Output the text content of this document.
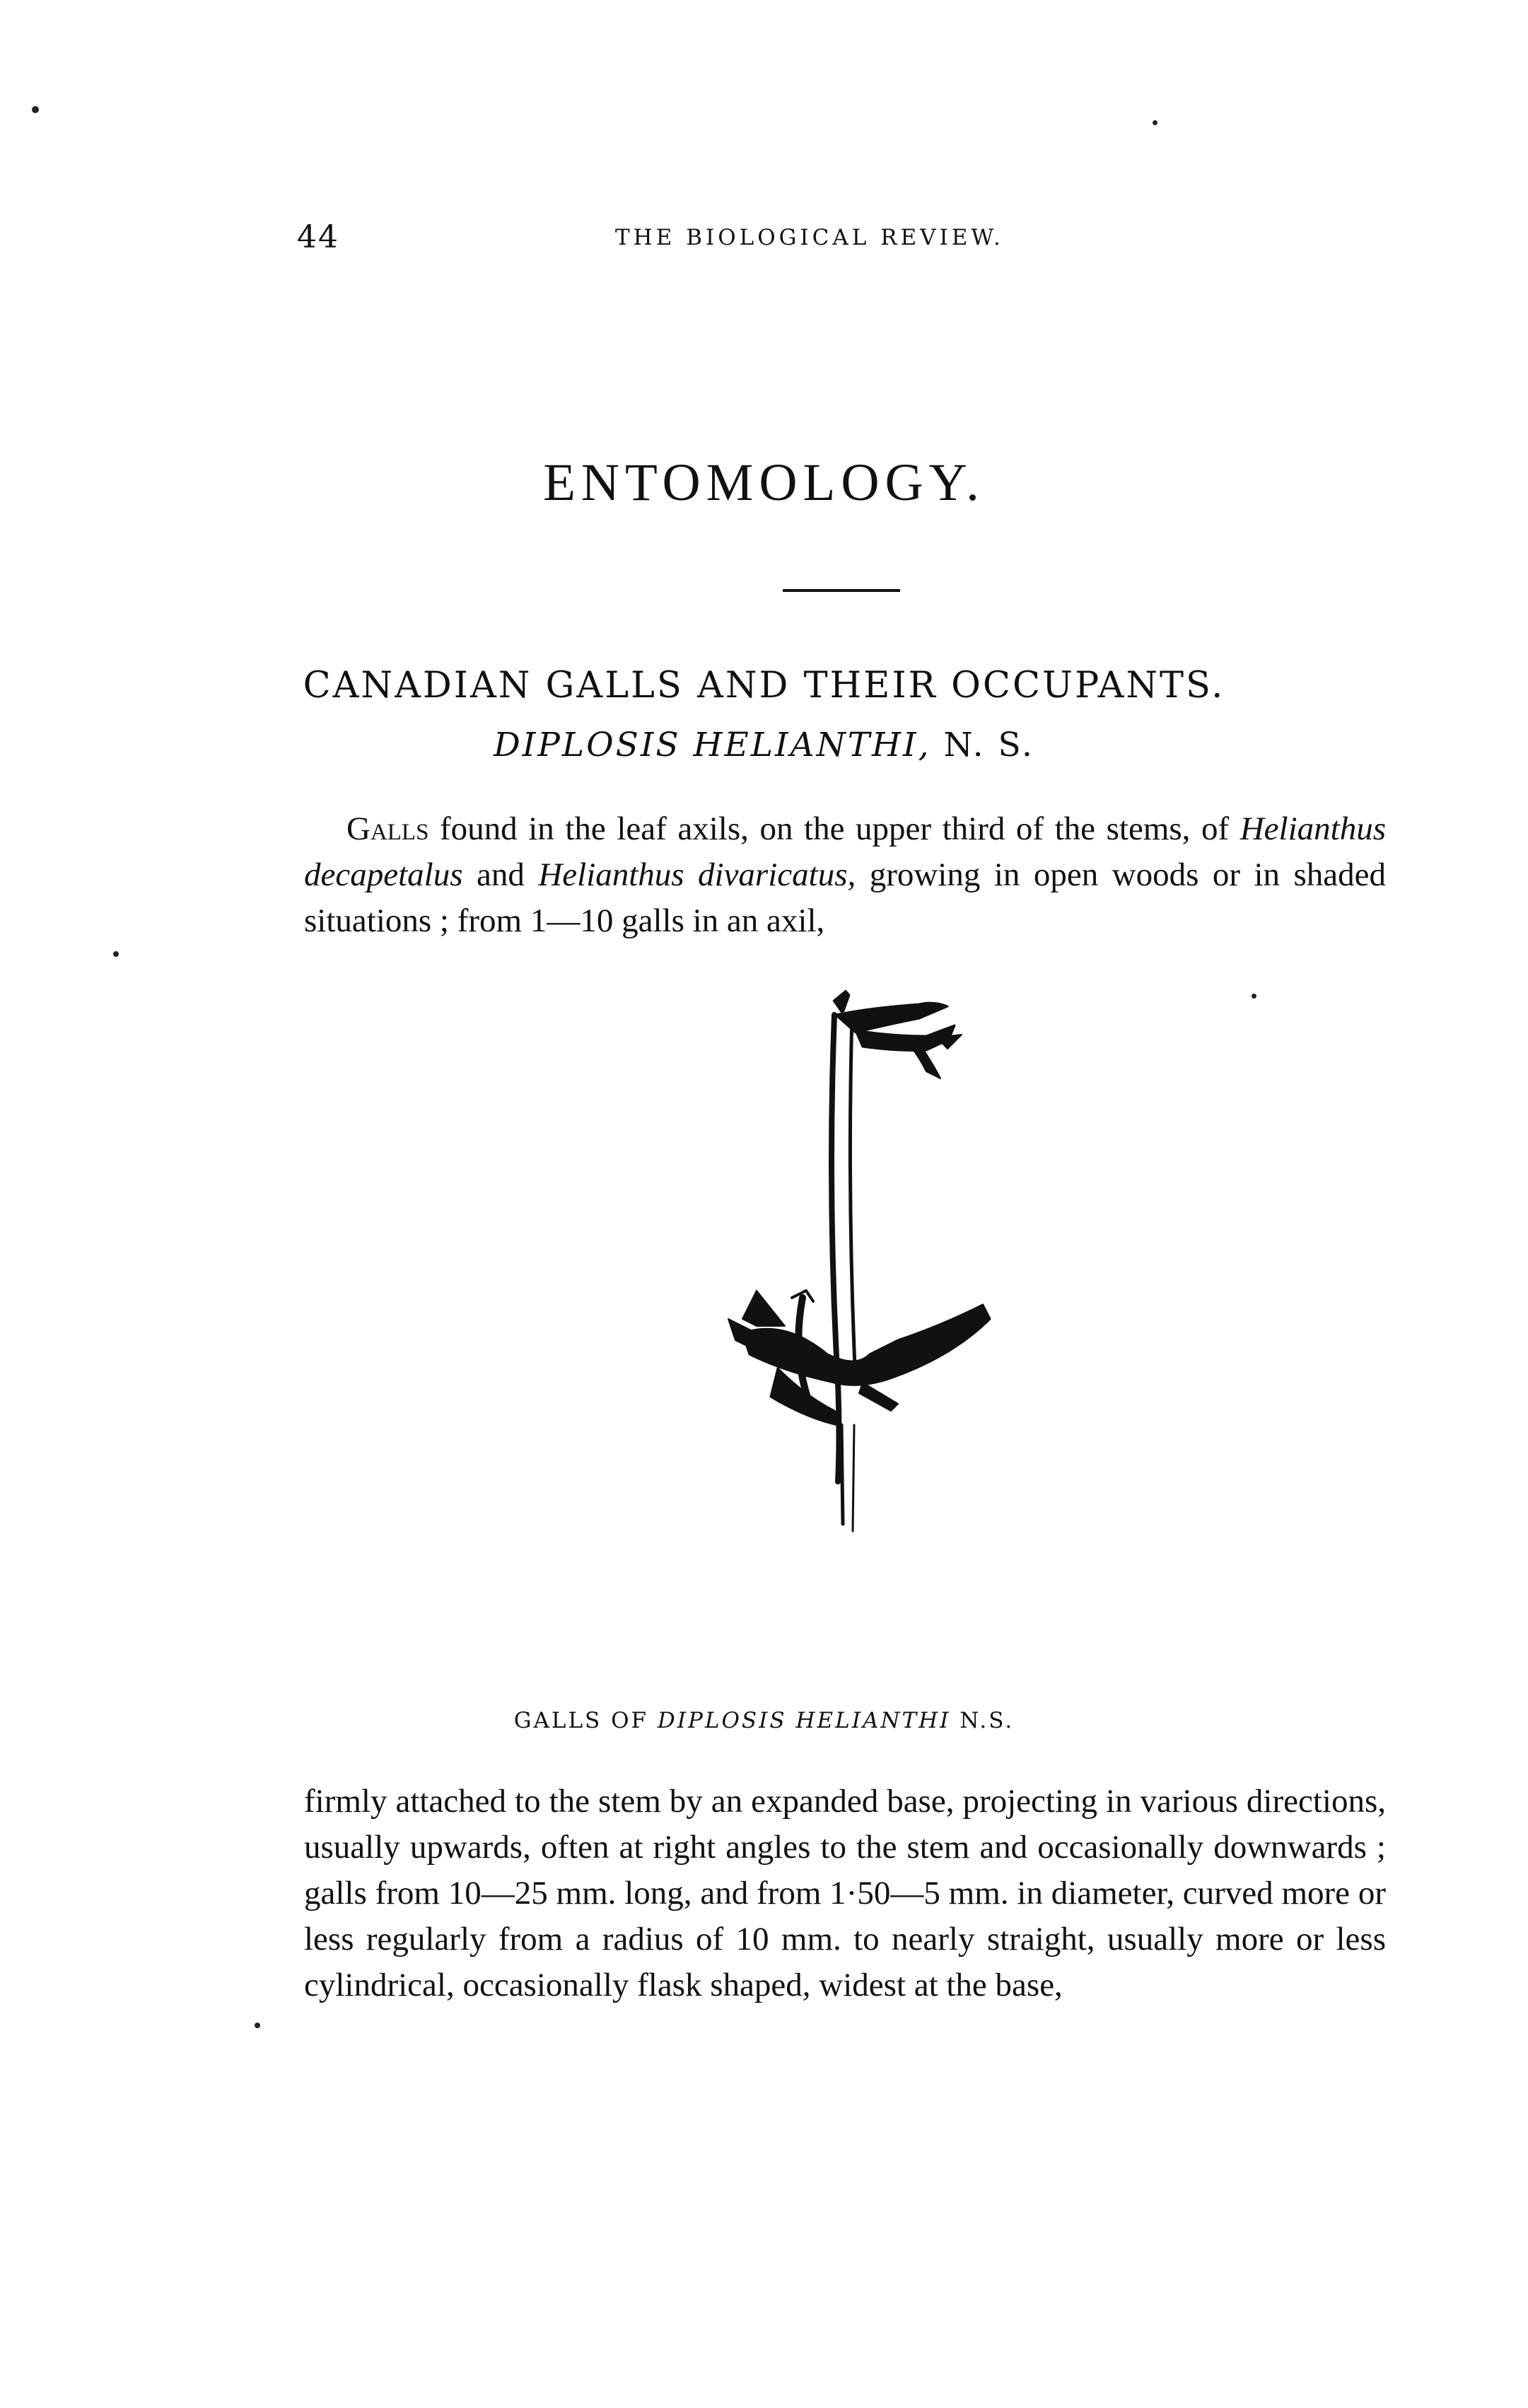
44	THE BIOLOGICAL REVIEW.
ENTOMOLOGY.
CANADIAN GALLS AND THEIR OCCUPANTS.
DIPLOSIS HELIANTHI, N. S.
Galls found in the leaf axils, on the upper third of the stems, of Helianthus decapetalus and Helianthus divaricatus, growing in open woods or in shaded situations ; from 1—10 galls in an axil,
GALLS OF DIPLOSIS HELIANTHI N.S.
firmly attached to the stem by an expanded base, projecting in various directions, usually upwards, often at right angles to the stem and occasionally downwards ; galls from 10—25 mm. long, and from 1·50—5 mm. in diameter, curved more or less regularly from a radius of 10 mm. to nearly straight, usually more or less cylindrical, occasionally flask shaped, widest at the base,
